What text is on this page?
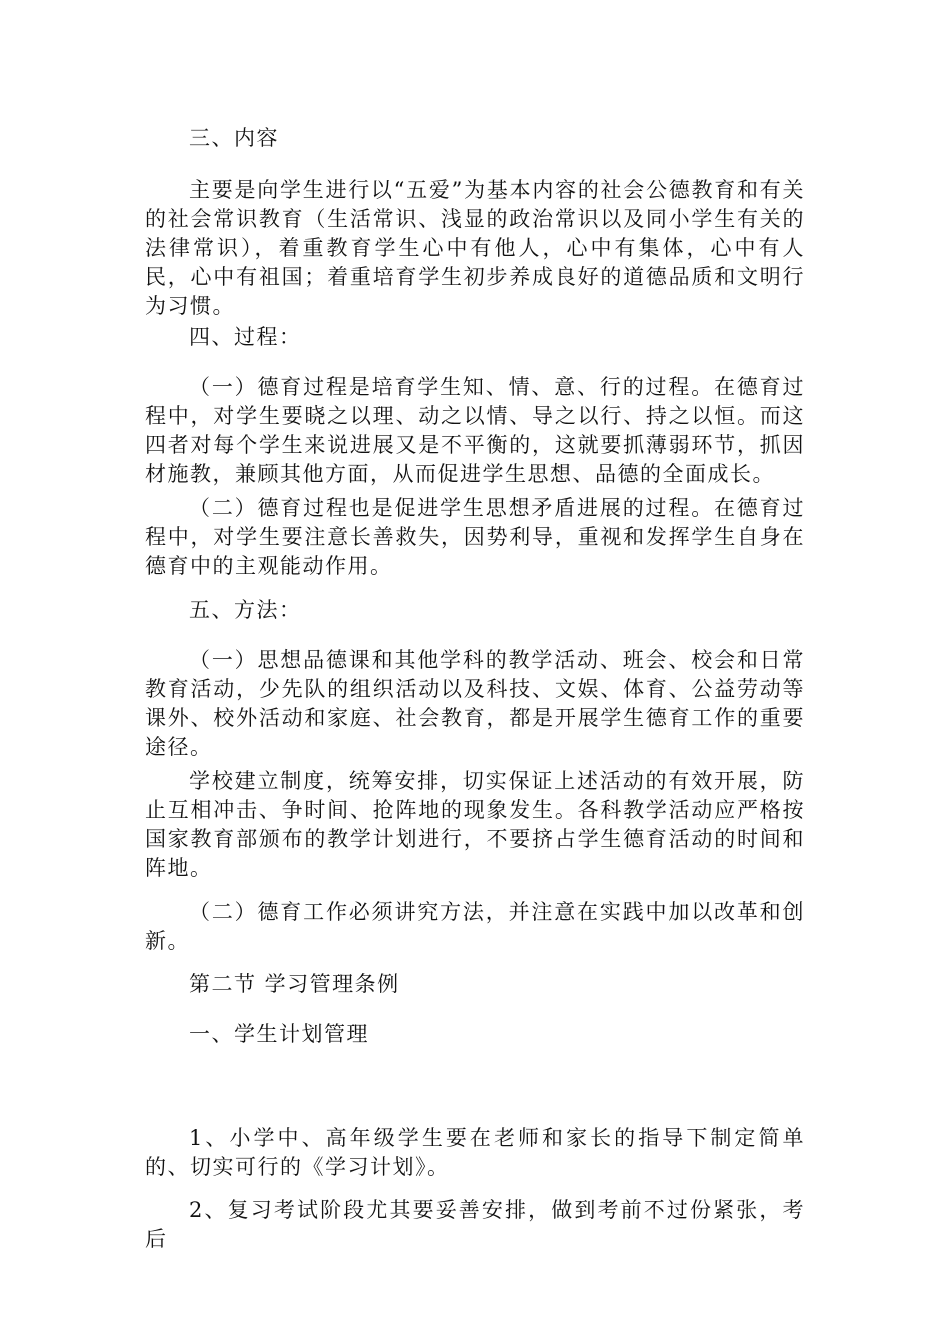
三、内容

主要是向学生进行以“五爱”为基本内容的社会公德教育和有关的社会常识教育（生活常识、浅显的政治常识以及同小学生有关的法律常识），着重教育学生心中有他人，心中有集体，心中有人民，心中有祖国；着重培育学生初步养成良好的道德品质和文明行为习惯。

四、过程：

（一）德育过程是培育学生知、情、意、行的过程。在德育过程中，对学生要晓之以理、动之以情、导之以行、持之以恒。而这四者对每个学生来说进展又是不平衡的，这就要抓薄弱环节，抓因材施教，兼顾其他方面，从而促进学生思想、品德的全面成长。

（二）德育过程也是促进学生思想矛盾进展的过程。在德育过程中，对学生要注意长善救失，因势利导，重视和发挥学生自身在德育中的主观能动作用。

五、方法：

（一）思想品德课和其他学科的教学活动、班会、校会和日常教育活动，少先队的组织活动以及科技、文娱、体育、公益劳动等课外、校外活动和家庭、社会教育，都是开展学生德育工作的重要途径。

学校建立制度，统筹安排，切实保证上述活动的有效开展，防止互相冲击、争时间、抢阵地的现象发生。各科教学活动应严格按国家教育部颁布的教学计划进行，不要挤占学生德育活动的时间和阵地。

（二）德育工作必须讲究方法，并注意在实践中加以改革和创新。

第二节 学习管理条例

一、学生计划管理

1、小学中、高年级学生要在老师和家长的指导下制定简单的、切实可行的《学习计划》。

2、复习考试阶段尤其要妥善安排，做到考前不过份紧张，考后
